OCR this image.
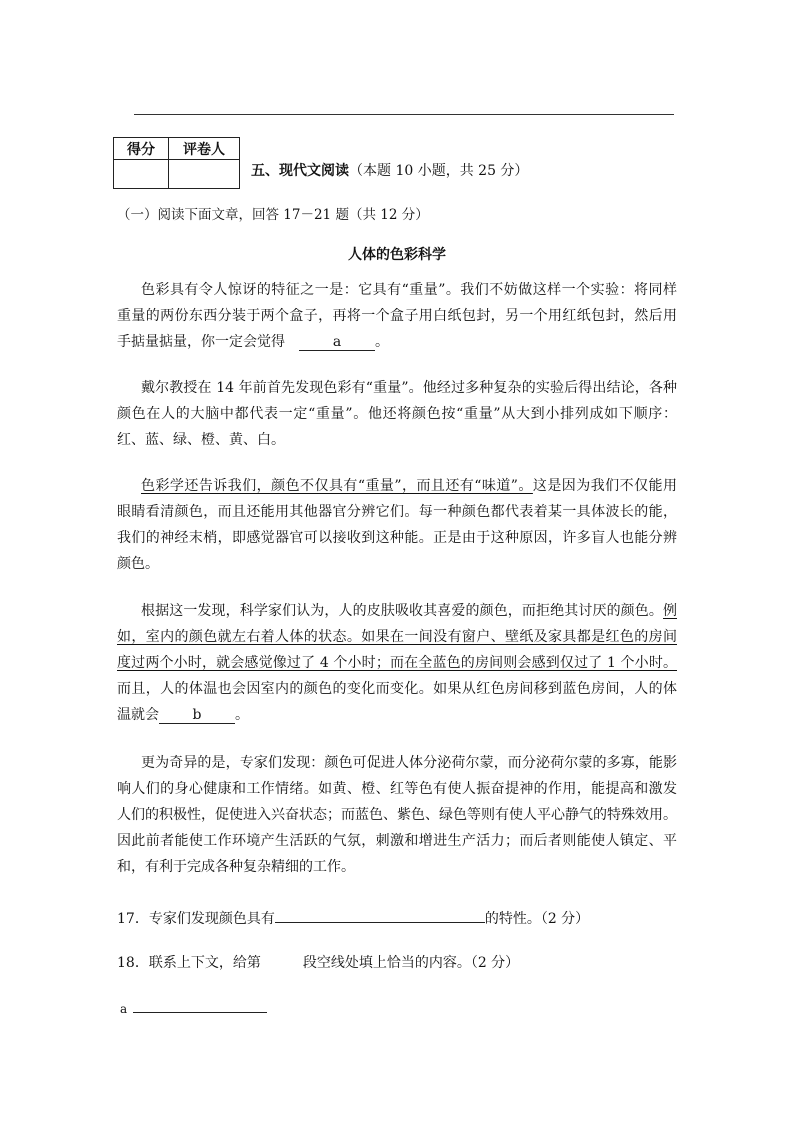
得分	评卷人

五、现代文阅读（本题 10 小题，共 25 分）
（一）阅读下面文章，回答 17－21 题（共 12 分）
人体的色彩科学
色彩具有令人惊讶的特征之一是：它具有“重量”。我们不妨做这样一个实验：将同样
重量的两份东西分装于两个盒子，再将一个盒子用白纸包封，另一个用红纸包封，然后用
手掂量掂量，你一定会觉得	a 。
戴尔教授在 14 年前首先发现色彩有“重量”。他经过多种复杂的实验后得出结论，各种
颜色在人的大脑中都代表一定“重量”。他还将颜色按“重量”从大到小排列成如下顺序：
红、蓝、绿、橙、黄、白。
色彩学还告诉我们，颜色不仅具有“重量”，而且还有“味道”。这是因为我们不仅能用
眼睛看清颜色，而且还能用其他器官分辨它们。每一种颜色都代表着某一具体波长的能，
我们的神经末梢，即感觉器官可以接收到这种能。正是由于这种原因，许多盲人也能分辨
颜色。
根据这一发现，科学家们认为，人的皮肤吸收其喜爱的颜色，而拒绝其讨厌的颜色。例
如，室内的颜色就左右着人体的状态。如果在一间没有窗户、壁纸及家具都是红色的房间
度过两个小时，就会感觉像过了 4 个小时；而在全蓝色的房间则会感到仅过了 1 个小时。
而且，人的体温也会因室内的颜色的变化而变化。如果从红色房间移到蓝色房间，人的体
温就会 b 。
更为奇异的是，专家们发现：颜色可促进人体分泌荷尔蒙，而分泌荷尔蒙的多寡，能影
响人们的身心健康和工作情绪。如黄、橙、红等色有使人振奋提神的作用，能提高和激发
人们的积极性，促使进入兴奋状态；而蓝色、紫色、绿色等则有使人平心静气的特殊效用。
因此前者能使工作环境产生活跃的气氛，刺激和增进生产活力；而后者则能使人镇定、平
和，有利于完成各种复杂精细的工作。
17．专家们发现颜色具有	的特性。（2 分）
18．联系上下文，给第	段空线处填上恰当的内容。（2 分）
a
